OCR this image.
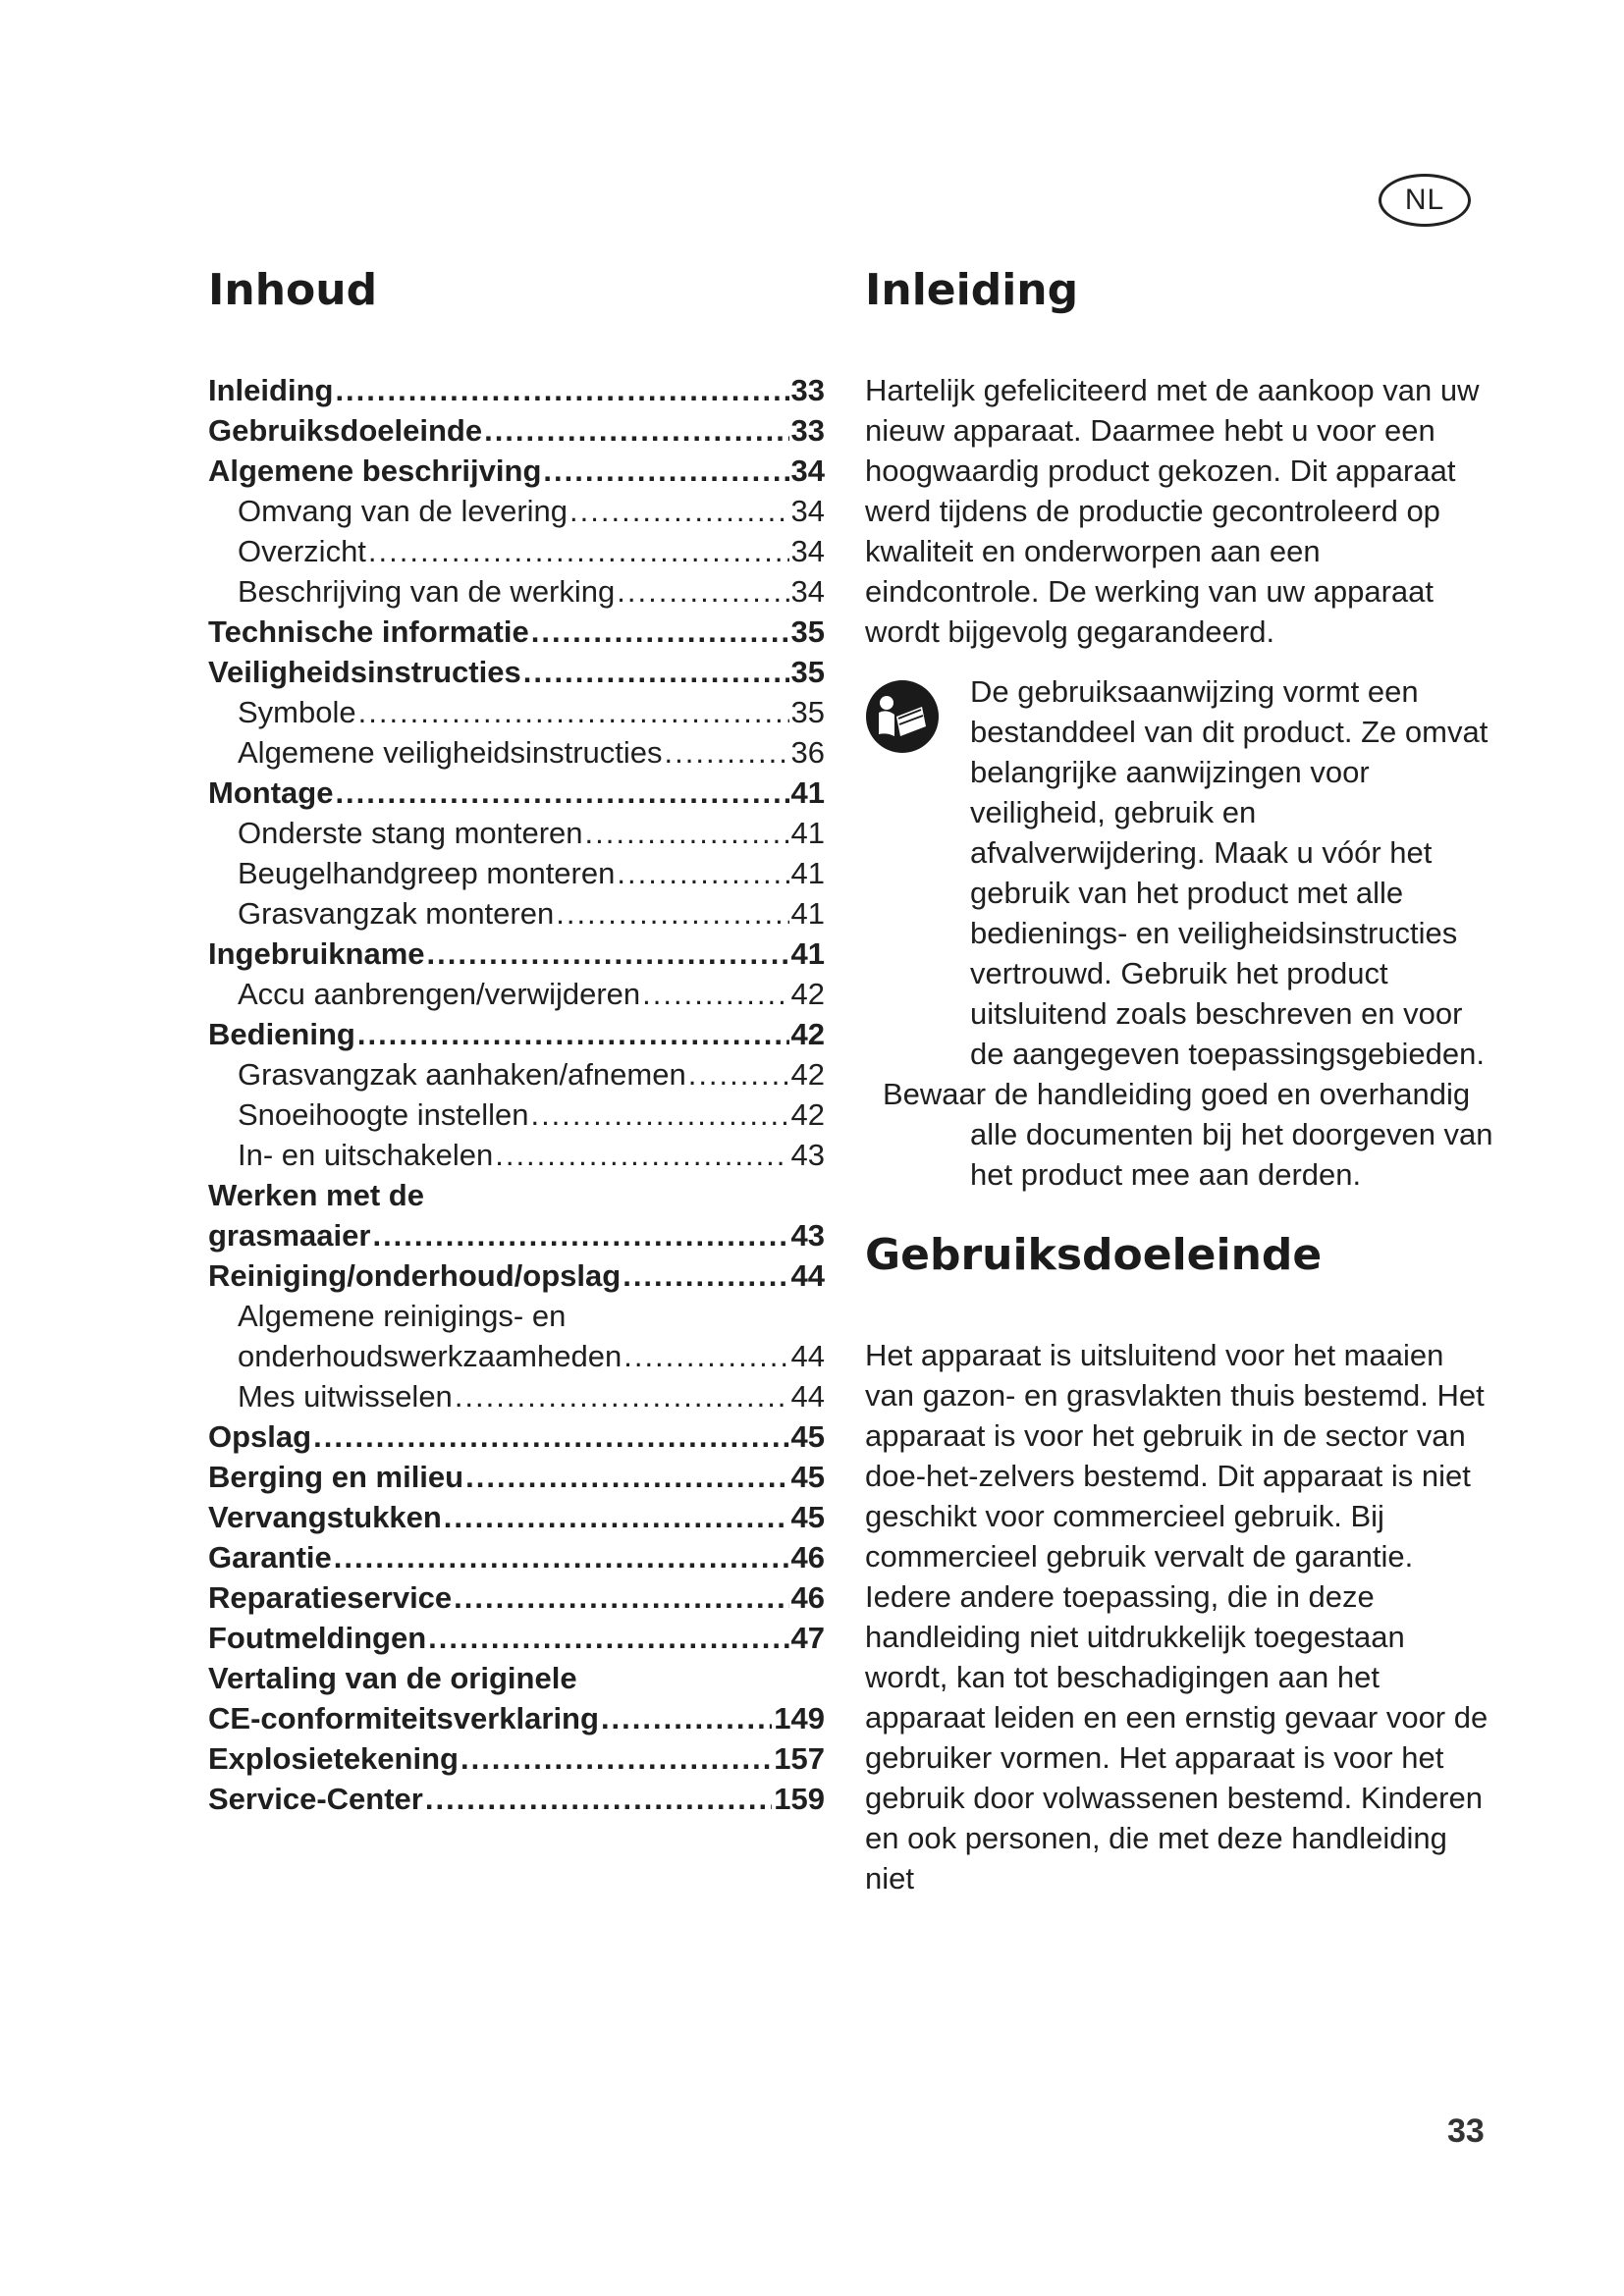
NL
Inhoud
Inleiding .....	33
Gebruiksdoeleinde .....	33
Algemene beschrijving .....	34
Omvang van de levering .....	34
Overzicht .....	34
Beschrijving van de werking .....	34
Technische informatie .....	35
Veiligheidsinstructies .....	35
Symbole .....	35
Algemene veiligheidsinstructies .....	36
Montage .....	41
Onderste stang monteren .....	41
Beugelhandgreep monteren .....	41
Grasvangzak monteren .....	41
Ingebruikname .....	41
Accu aanbrengen/verwijderen .....	42
Bediening .....	42
Grasvangzak aanhaken/afnemen .....	42
Snoeihoogte instellen .....	42
In- en uitschakelen .....	43
Werken met de
grasmaaier .....	43
Reiniging/onderhoud/opslag .....	44
Algemene reinigings- en
onderhoudswerkzaamheden .....	44
Mes uitwisselen .....	44
Opslag .....	45
Berging en milieu .....	45
Vervangstukken .....	45
Garantie .....	46
Reparatieservice .....	46
Foutmeldingen .....	47
Vertaling van de originele
CE-conformiteitsverklaring .....	149
Explosietekening .....	157
Service-Center .....	159
Inleiding

Hartelijk gefeliciteerd met de aankoop van uw nieuw apparaat. Daarmee hebt u voor een hoogwaardig product gekozen. Dit apparaat werd tijdens de productie gecontroleerd op kwaliteit en onderworpen aan een eindcontrole. De werking van uw apparaat wordt bijgevolg gegarandeerd.

De gebruiksaanwijzing vormt een bestanddeel van dit product. Ze omvat belangrijke aanwijzingen voor veiligheid, gebruik en afvalverwijdering. Maak u vóór het gebruik van het product met alle bedienings- en veiligheidsinstructies vertrouwd. Gebruik het product uitsluitend zoals beschreven en voor de aangegeven toepassingsgebieden.

Bewaar de handleiding goed en overhandig alle documenten bij het doorgeven van het product mee aan derden.

Gebruiksdoeleinde

Het apparaat is uitsluitend voor het maaien van gazon- en grasvlakten thuis bestemd. Het apparaat is voor het gebruik in de sector van doe-het-zelvers bestemd. Dit apparaat is niet geschikt voor commercieel gebruik. Bij commercieel gebruik vervalt de garantie. Iedere andere toepassing, die in deze handleiding niet uitdrukkelijk toegestaan wordt, kan tot beschadigingen aan het apparaat leiden en een ernstig gevaar voor de gebruiker vormen. Het apparaat is voor het gebruik door volwassenen bestemd. Kinderen en ook personen, die met deze handleiding niet

33
